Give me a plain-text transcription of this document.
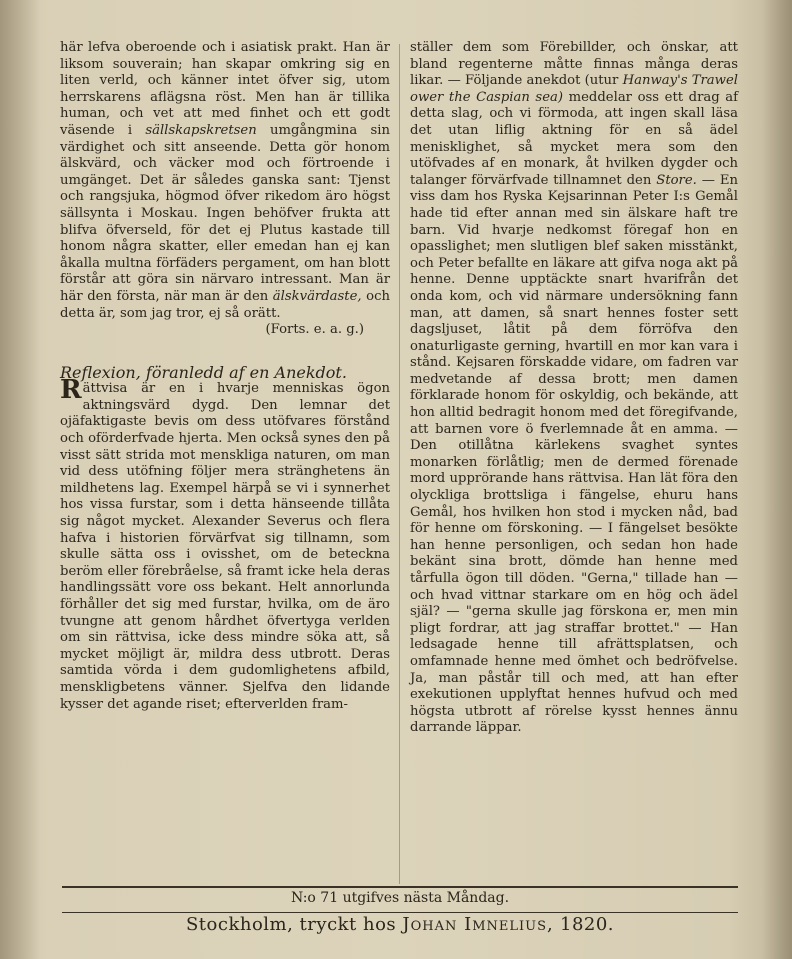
här lefva oberoende och i asiatisk prakt. Han är liksom souverain; han skapar omkring sig en liten verld, och känner intet öfver sig, utom herrskarens aflägsna röst. Men han är tillika human, och vet att med finhet och ett godt väsende i sällskapskretsen umgångmina sin värdighet och sitt anseende. Detta gör honom älskvärd, och väcker mod och förtroende i umgänget. Det är således ganska sant: Tjenst och rangsjuka, högmod öfver rikedom äro högst sällsynta i Moskau. Ingen behöfver frukta att blifva öfverseld, för det ej Plutus kastade till honom några skatter, eller emedan han ej kan åkalla multna förfäders pergament, om han blott förstår att göra sin närvaro intressant. Man är här den första, när man är den älskvärdaste, och detta är, som jag tror, ej så orätt.

(Forts. e. a. g.)

Reflexion, föranledd af en Anekdot.

Rättvisa är en i hvarje menniskas ögon aktningsvärd dygd. Den lemnar det ojäfaktigaste bevis om dess utöfvares förstånd och oförderfvade hjerta. Men också synes den på visst sätt strida mot menskliga naturen, om man vid dess utöfning följer mera stränghetens än mildhetens lag. Exempel härpå se vi i synnerhet hos vissa furstar, som i detta hänseende tillåta sig något mycket. Alexander Severus och flera hafva i historien förvärfvat sig tillnamn, som skulle sätta oss i ovisshet, om de beteckna beröm eller förebråelse, så framt icke hela deras handlingssätt vore oss bekant. Helt annorlunda förhåller det sig med furstar, hvilka, om de äro tvungne att genom hårdhet öfvertyga verlden om sin rättvisa, icke dess mindre söka att, så mycket möjligt är, mildra dess utbrott. Deras samtida vörda i dem gudomlighetens afbild, menskligbetens vänner. Sjelfva den lidande kysser det agande riset; efterverlden fram-

ställer dem som Förebillder, och önskar, att bland regenterne måtte finnas många deras likar. — Följande anekdot (utur Hanway's Trawel ower the Caspian sea) meddelar oss ett drag af detta slag, och vi förmoda, att ingen skall läsa det utan liflig aktning för en så ädel menisklighet, så mycket mera som den utöfvades af en monark, åt hvilken dygder och talanger förvärfvade tillnamnet den Store. — En viss dam hos Ryska Kejsarinnan Peter I:s Gemål hade tid efter annan med sin älskare haft tre barn. Vid hvarje nedkomst föregaf hon en opasslighet; men slutligen blef saken misstänkt, och Peter befallte en läkare att gifva noga akt på henne. Denne upptäckte snart hvarifrån det onda kom, och vid närmare undersökning fann man, att damen, så snart hennes foster sett dagsljuset, låtit på dem förröfva den onaturligaste gerning, hvartill en mor kan vara i stånd. Kejsaren förskadde vidare, om fadren var medvetande af dessa brott; men damen förklarade honom för oskyldig, och bekände, att hon alltid bedragit honom med det föregifvande, att barnen vore ö fverlemnade åt en amma. — Den otillåtna kärlekens svaghet syntes monarken förlåtlig; men de dermed förenade mord upprörande hans rättvisa. Han lät föra den olyckliga brottsliga i fängelse, ehuru hans Gemål, hos hvilken hon stod i mycken nåd, bad för henne om förskoning. — I fängelset besökte han henne personligen, och sedan hon hade bekänt sina brott, dömde han henne med tårfulla ögon till döden. "Gerna," tillade han — och hvad vittnar starkare om en hög och ädel själ? — "gerna skulle jag förskona er, men min pligt fordrar, att jag straffar brottet." — Han ledsagade henne till afrättsplatsen, och omfamnade henne med ömhet och bedröfvelse. Ja, man påstår till och med, att han efter exekutionen upplyftat hennes hufvud och med högsta utbrott af rörelse kysst hennes ännu darrande läppar.

N:o 71 utgifves nästa Måndag.
Stockholm, tryckt hos Johan Imnelius, 1820.
